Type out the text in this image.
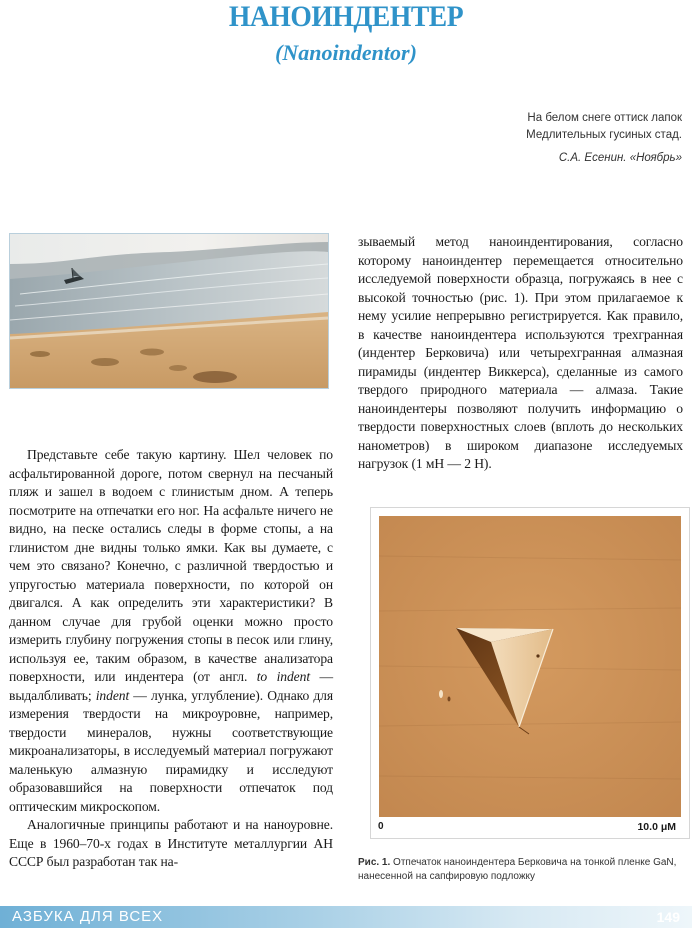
НАНОИНДЕНТЕР
(Nanoindentor)
На белом снеге оттиск лапок
Медлительных гусиных стад.
С.А. Есенин. «Ноябрь»

Представьте себе такую картину. Шел человек по асфальтированной дороге, потом свернул на песчаный пляж и зашел в водоем с глинистым дном. А теперь посмотрите на отпечатки его ног. На асфальте ничего не видно, на песке остались следы в форме стопы, а на глинистом дне видны только ямки. Как вы думаете, с чем это связано? Конечно, с различной твердостью и упругостью материала поверхности, по которой он двигался. А как определить эти характеристики? В данном случае для грубой оценки можно просто измерить глубину погружения стопы в песок или глину, используя ее, таким образом, в качестве анализатора поверхности, или индентера (от англ. to indent — выдалбливать; indent — лунка, углубление). Однако для измерения твердости на микроуровне, например, твердости минералов, нужны соответствующие микроанализаторы, в исследуемый материал погружают маленькую алмазную пирамидку и исследуют образовавшийся на поверхности отпечаток под оптическим микроскопом.

Аналогичные принципы работают и на наноуровне. Еще в 1960–70-х годах в Институте металлургии АН СССР был разработан так на-

зываемый метод наноиндентирования, согласно которому наноиндентер перемещается относительно исследуемой поверхности образца, погружаясь в нее с высокой точностью (рис. 1). При этом прилагаемое к нему усилие непрерывно регистрируется. Как правило, в качестве наноиндентера используются трехгранная (индентер Берковича) или четырехгранная алмазная пирамиды (индентер Виккерса), сделанные из самого твердого природного материала — алмаза. Такие наноиндентеры позволяют получить информацию о твердости поверхностных слоев (вплоть до нескольких нанометров) в широком диапазоне исследуемых нагрузок (1 мН — 2 Н).

0	10.0 μM
Рис. 1. Отпечаток наноиндентера Берковича на тонкой пленке GaN, нанесенной на сапфировую подложку
АЗБУКА ДЛЯ ВСЕХ	149
